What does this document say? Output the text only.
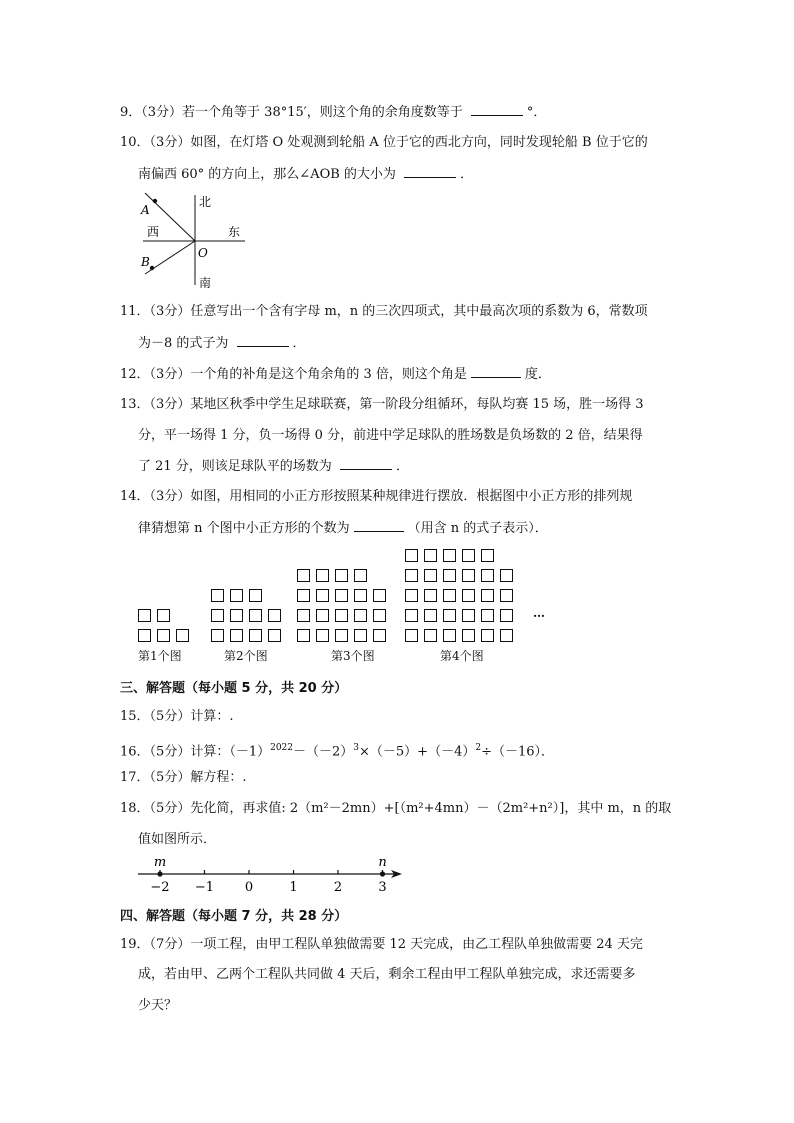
9．（3分）若一个角等于 38°15′，则这个角的余角度数等于	°．
10．（3分）如图，在灯塔 O 处观测到轮船 A 位于它的西北方向，同时发现轮船 B 位于它的
南偏西 60° 的方向上，那么∠AOB 的大小为	．
北
西	东
南
O
A
B
11．（3分）任意写出一个含有字母 m，n 的三次四项式，其中最高次项的系数为 6，常数项
为－8 的式子为	．
12．（3分）一个角的补角是这个角余角的 3 倍，则这个角是	度．
13．（3分）某地区秋季中学生足球联赛，第一阶段分组循环，每队均赛 15 场，胜一场得 3
分，平一场得 1 分，负一场得 0 分，前进中学足球队的胜场数是负场数的 2 倍，结果得
了 21 分，则该足球队平的场数为	．
14．（3分）如图，用相同的小正方形按照某种规律进行摆放．根据图中小正方形的排列规
律猜想第 n 个图中小正方形的个数为	（用含 n 的式子表示）．
第1个图	第2个图	第3个图	第4个图
…
三、解答题（每小题 5 分，共 20 分）
15．（5分）计算：.
16．（5分）计算：$(-1)^{2022}-(-2)^3\times(-5)+(-4)^2\div(-16)$．
17．（5分）解方程：.
18．（5分）先化简，再求值: 2（m²－2mn）+[（m²+4mn）－（2m²+n²）]，其中 m，n 的取
值如图所示．
−2 −1 0	1	2	3
m	n
四、解答题（每小题 7 分，共 28 分）
19．（7分）一项工程，由甲工程队单独做需要 12 天完成，由乙工程队单独做需要 24 天完
成，若由甲、乙两个工程队共同做 4 天后，剩余工程由甲工程队单独完成，求还需要多
少天？
